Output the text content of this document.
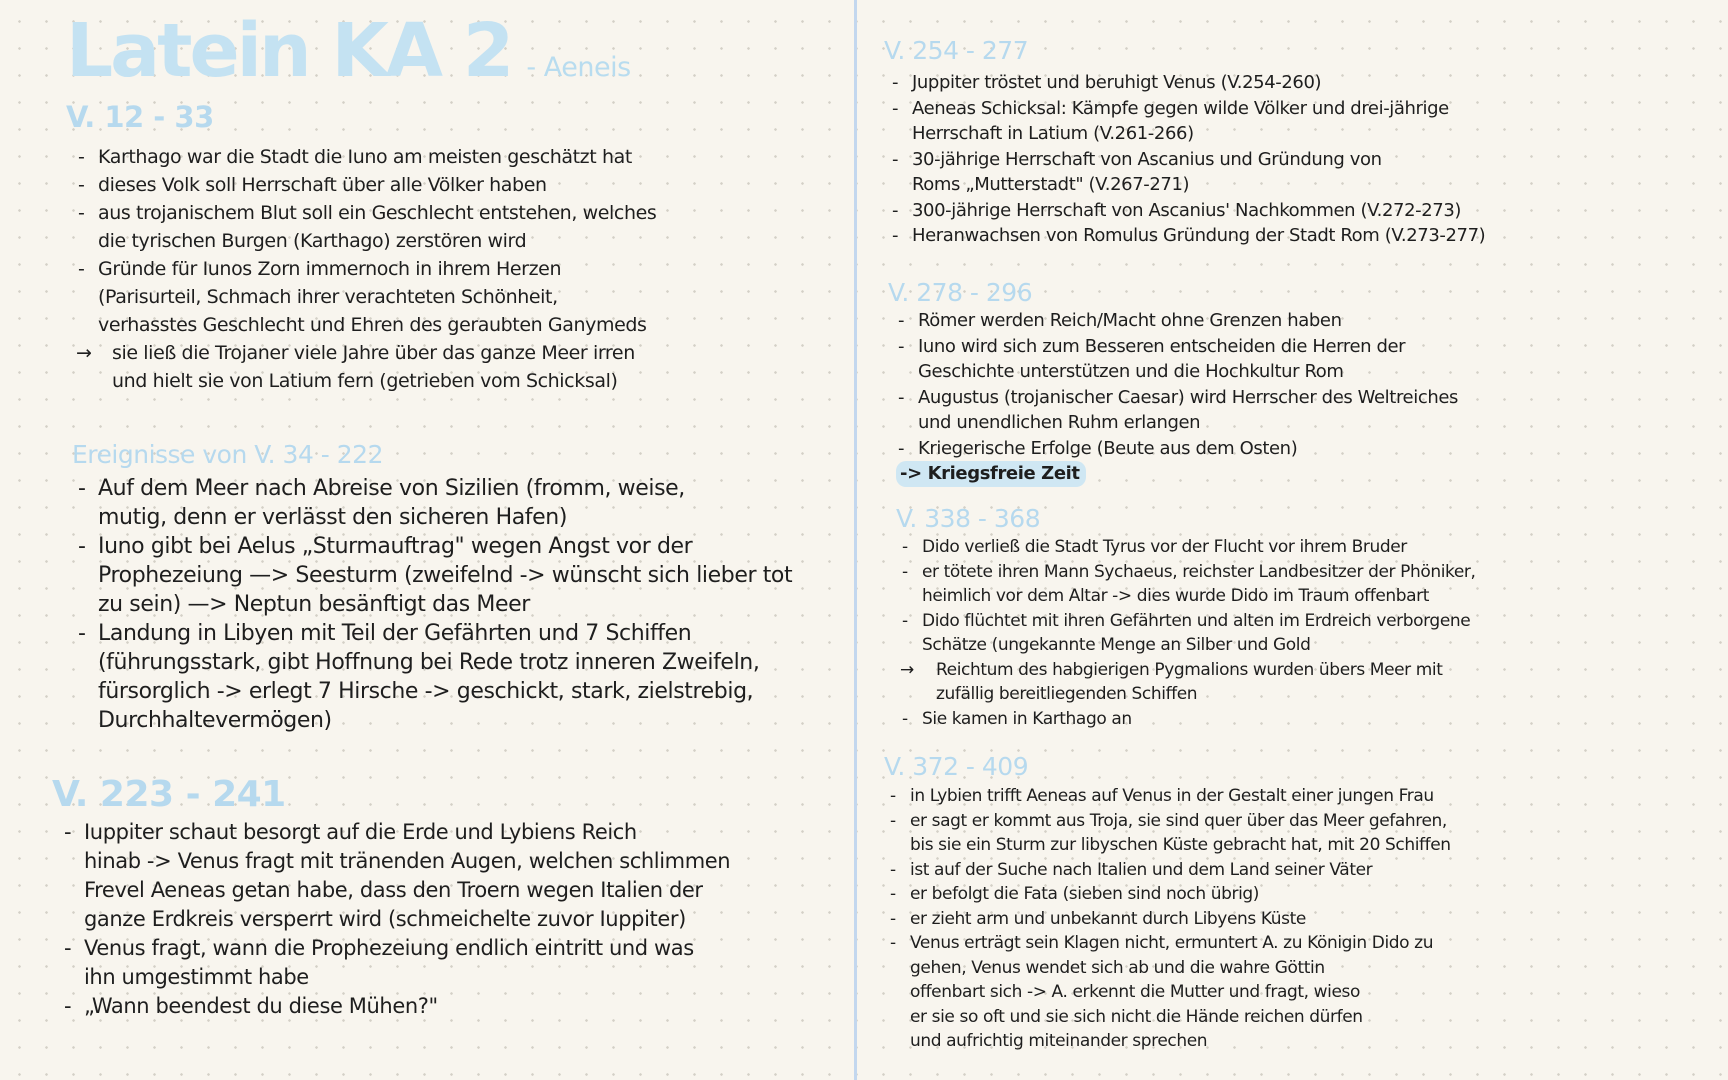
Latein KA 2 - Aeneis
V. 12 - 33
- Karthago war die Stadt die Iuno am meisten geschätzt hat
- dieses Volk soll Herrschaft über alle Völker haben
- aus trojanischem Blut soll ein Geschlecht entstehen, welches
die tyrischen Burgen (Karthago) zerstören wird
- Gründe für Iunos Zorn immernoch in ihrem Herzen
(Parisurteil, Schmach ihrer verachteten Schönheit,
verhasstes Geschlecht und Ehren des geraubten Ganymeds
→ sie ließ die Trojaner viele Jahre über das ganze Meer irren
und hielt sie von Latium fern (getrieben vom Schicksal)
Ereignisse von V. 34 - 222
- Auf dem Meer nach Abreise von Sizilien (fromm, weise,
mutig, denn er verlässt den sicheren Hafen)
- Iuno gibt bei Aelus „Sturmauftrag" wegen Angst vor der
Prophezeiung —> Seesturm (zweifelnd -> wünscht sich lieber tot
zu sein) —> Neptun besänftigt das Meer
- Landung in Libyen mit Teil der Gefährten und 7 Schiffen
(führungsstark, gibt Hoffnung bei Rede trotz inneren Zweifeln,
fürsorglich -> erlegt 7 Hirsche -> geschickt, stark, zielstrebig,
Durchhaltevermögen)
V. 223 - 241
- Iuppiter schaut besorgt auf die Erde und Lybiens Reich
hinab -> Venus fragt mit tränenden Augen, welchen schlimmen
Frevel Aeneas getan habe, dass den Troern wegen Italien der
ganze Erdkreis versperrt wird (schmeichelte zuvor Iuppiter)
- Venus fragt, wann die Prophezeiung endlich eintritt und was
ihn umgestimmt habe
- „Wann beendest du diese Mühen?"
V. 254 - 277
- Juppiter tröstet und beruhigt Venus (V.254-260)
- Aeneas Schicksal: Kämpfe gegen wilde Völker und drei-jährige
Herrschaft in Latium (V.261-266)
- 30-jährige Herrschaft von Ascanius und Gründung von
Roms „Mutterstadt" (V.267-271)
- 300-jährige Herrschaft von Ascanius' Nachkommen (V.272-273)
- Heranwachsen von Romulus Gründung der Stadt Rom (V.273-277)
V. 278 - 296
- Römer werden Reich/Macht ohne Grenzen haben
- Iuno wird sich zum Besseren entscheiden die Herren der
Geschichte unterstützen und die Hochkultur Rom
- Augustus (trojanischer Caesar) wird Herrscher des Weltreiches
und unendlichen Ruhm erlangen
- Kriegerische Erfolge (Beute aus dem Osten)
-> Kriegsfreie Zeit
V. 338 - 368
- Dido verließ die Stadt Tyrus vor der Flucht vor ihrem Bruder
- er tötete ihren Mann Sychaeus, reichster Landbesitzer der Phöniker,
heimlich vor dem Altar -> dies wurde Dido im Traum offenbart
- Dido flüchtet mit ihren Gefährten und alten im Erdreich verborgene
Schätze (ungekannte Menge an Silber und Gold
→ Reichtum des habgierigen Pygmalions wurden übers Meer mit
zufällig bereitliegenden Schiffen
- Sie kamen in Karthago an
V. 372 - 409
- in Lybien trifft Aeneas auf Venus in der Gestalt einer jungen Frau
- er sagt er kommt aus Troja, sie sind quer über das Meer gefahren,
bis sie ein Sturm zur libyschen Küste gebracht hat, mit 20 Schiffen
- ist auf der Suche nach Italien und dem Land seiner Väter
- er befolgt die Fata (sieben sind noch übrig)
- er zieht arm und unbekannt durch Libyens Küste
- Venus erträgt sein Klagen nicht, ermuntert A. zu Königin Dido zu
gehen, Venus wendet sich ab und die wahre Göttin
offenbart sich -> A. erkennt die Mutter und fragt, wieso
er sie so oft und sie sich nicht die Hände reichen dürfen
und aufrichtig miteinander sprechen
